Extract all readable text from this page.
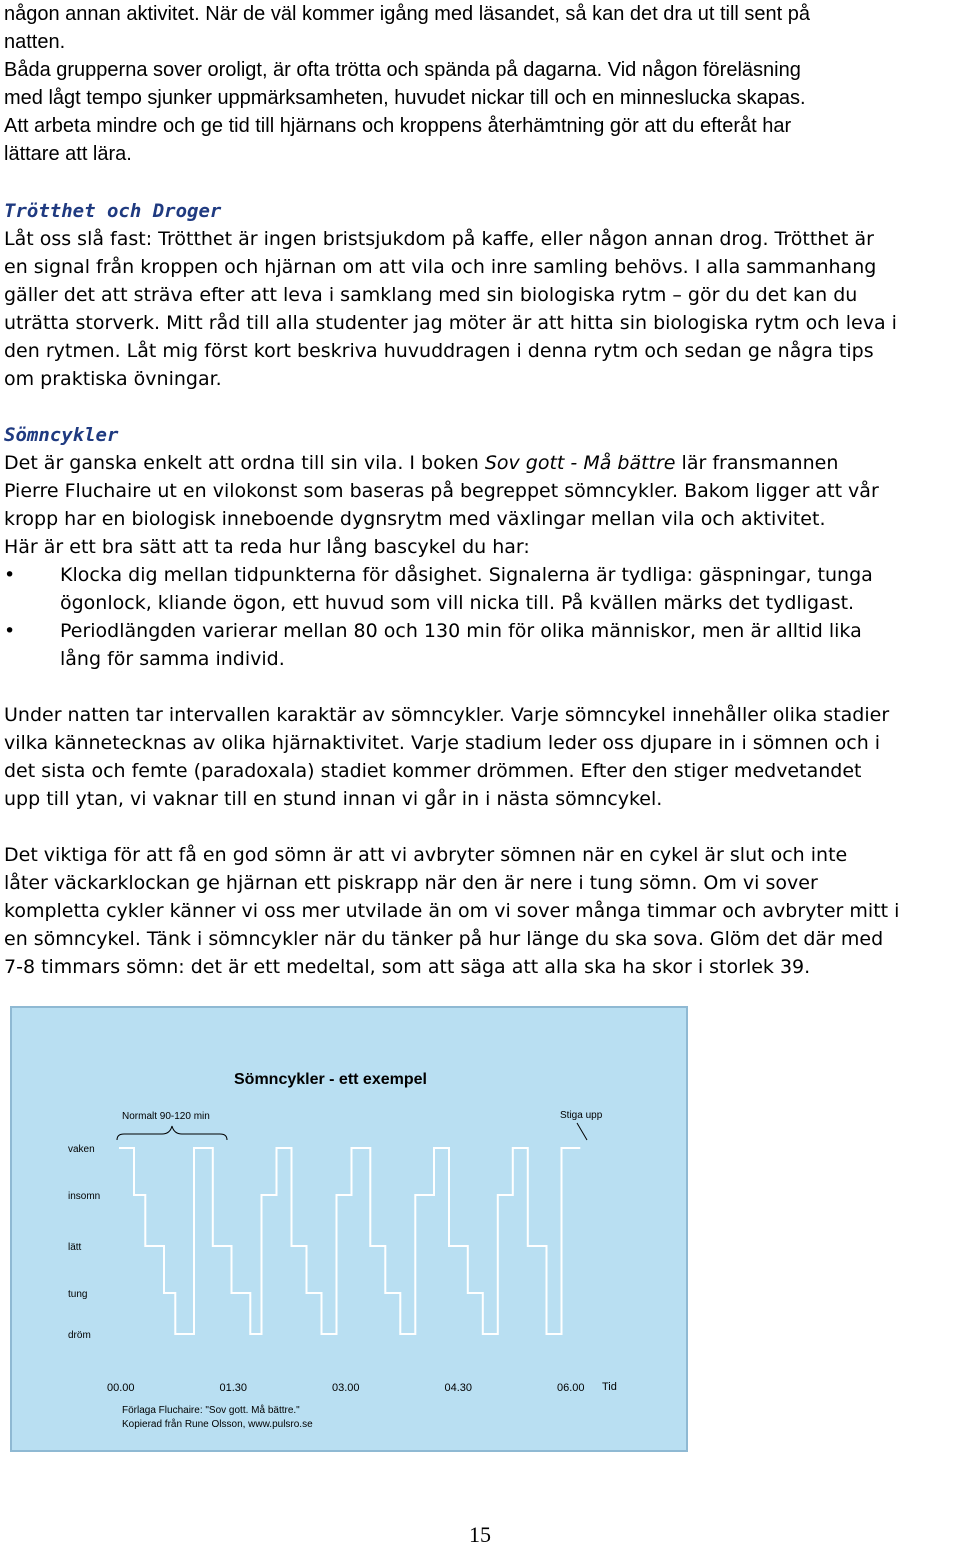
någon annan aktivitet. När de väl kommer igång med läsandet, så kan det dra ut till sent på

natten.

Båda grupperna sover oroligt, är ofta trötta och spända på dagarna. Vid någon föreläsning

med lågt tempo sjunker uppmärksamheten, huvudet nickar till och en minneslucka skapas.

Att arbeta mindre och ge tid till hjärnans och kroppens återhämtning gör att du efteråt har

lättare att lära.

Trötthet och Droger

Låt oss slå fast: Trötthet är ingen bristsjukdom på kaffe, eller någon annan drog. Trötthet är

en signal från kroppen och hjärnan om att vila och inre samling behövs. I alla sammanhang

gäller det att sträva efter att leva i samklang med sin biologiska rytm – gör du det kan du

uträtta storverk. Mitt råd till alla studenter jag möter är att hitta sin biologiska rytm och leva i

den rytmen. Låt mig först kort beskriva huvuddragen i denna rytm och sedan ge några tips

om praktiska övningar.

Sömncykler

Det är ganska enkelt att ordna till sin vila. I boken Sov gott - Må bättre lär fransmannen

Pierre Fluchaire ut en vilokonst som baseras på begreppet sömncykler. Bakom ligger att vår

kropp har en biologisk inneboende dygnsrytm med växlingar mellan vila och aktivitet.

Här är ett bra sätt att ta reda hur lång bascykel du har:

• Klocka dig mellan tidpunkterna för dåsighet. Signalerna är tydliga: gäspningar, tunga
ögonlock, kliande ögon, ett huvud som vill nicka till. På kvällen märks det tydligast.
• Periodlängden varierar mellan 80 och 130 min för olika människor, men är alltid lika
lång för samma individ.

Under natten tar intervallen karaktär av sömncykler. Varje sömncykel innehåller olika stadier

vilka kännetecknas av olika hjärnaktivitet. Varje stadium leder oss djupare in i sömnen och i

det sista och femte (paradoxala) stadiet kommer drömmen. Efter den stiger medvetandet

upp till ytan, vi vaknar till en stund innan vi går in i nästa sömncykel.

Det viktiga för att få en god sömn är att vi avbryter sömnen när en cykel är slut och inte

låter väckarklockan ge hjärnan ett piskrapp när den är nere i tung sömn. Om vi sover

kompletta cykler känner vi oss mer utvilade än om vi sover många timmar och avbryter mitt i

en sömncykel. Tänk i sömncykler när du tänker på hur länge du ska sova. Glöm det där med

7-8 timmars sömn: det är ett medeltal, som att säga att alla ska ha skor i storlek 39.

Sömncykler - ett exempel
vaken
insomn
lätt
tung
dröm
00.00	01.30	03.00	04.30	06.00 Tid
Normalt 90-120 min	Stiga upp
Förlaga Fluchaire: "Sov gott. Må bättre."
Kopierad från Rune Olsson, www.pulsro.se
15
